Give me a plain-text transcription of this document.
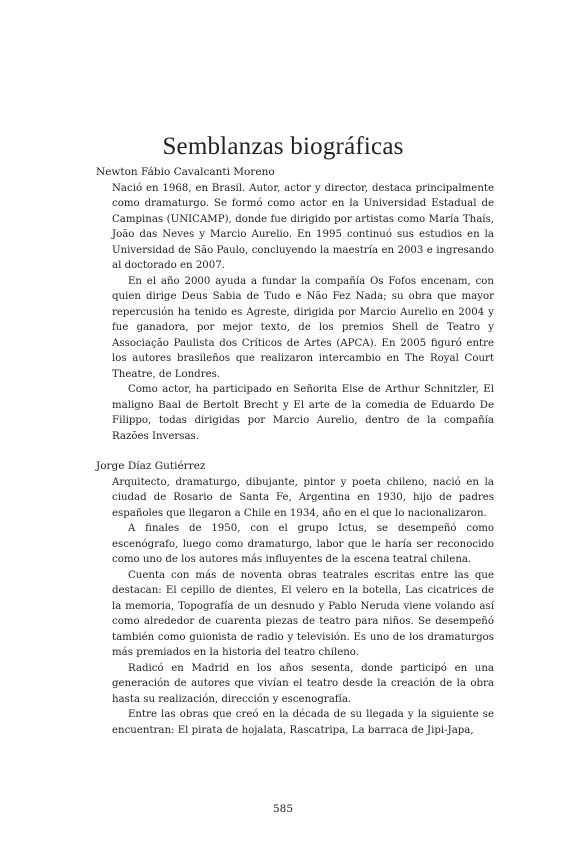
Semblanzas biográficas
Newton Fábio Cavalcanti Moreno

Nació en 1968, en Brasil. Autor, actor y director, destaca principalmente como dramaturgo. Se formó como actor en la Universidad Estadual de Campinas (UNICAMP), donde fue dirigido por artistas como María Thaís, João das Neves y Marcio Aurelio. En 1995 continuó sus estudios en la Universidad de São Paulo, concluyendo la maestría en 2003 e ingresando al doctorado en 2007.

En el año 2000 ayuda a fundar la compañía Os Fofos encenam, con quien dirige Deus Sabia de Tudo e Não Fez Nada; su obra que mayor repercusión ha tenido es Agreste, dirigida por Marcio Aurelio en 2004 y fue ganadora, por mejor texto, de los premios Shell de Teatro y Associação Paulista dos Críticos de Artes (APCA). En 2005 figuró entre los autores brasileños que realizaron intercambio en The Royal Court Theatre, de Londres.

Como actor, ha participado en Señorita Else de Arthur Schnitzler, El maligno Baal de Bertolt Brecht y El arte de la comedia de Eduardo De Filippo, todas dirigidas por Marcio Aurelio, dentro de la compañía Razões Inversas.

Jorge Díaz Gutiérrez

Arquitecto, dramaturgo, dibujante, pintor y poeta chileno, nació en la ciudad de Rosario de Santa Fe, Argentina en 1930, hijo de padres españoles que llegaron a Chile en 1934, año en el que lo nacionalizaron.

A finales de 1950, con el grupo Ictus, se desempeñó como escenógrafo, luego como dramaturgo, labor que le haría ser reconocido como uno de los autores más influyentes de la escena teatral chilena.

Cuenta con más de noventa obras teatrales escritas entre las que destacan: El cepillo de dientes, El velero en la botella, Las cicatrices de la memoria, Topografía de un desnudo y Pablo Neruda viene volando así como alrededor de cuarenta piezas de teatro para niños. Se desempeñó también como guionista de radio y televisión. Es uno de los dramaturgos más premiados en la historia del teatro chileno.

Radicó en Madrid en los años sesenta, donde participó en una generación de autores que vivían el teatro desde la creación de la obra hasta su realización, dirección y escenografía.

Entre las obras que creó en la década de su llegada y la siguiente se encuentran: El pirata de hojalata, Rascatripa, La barraca de Jipi-Japa,

585
